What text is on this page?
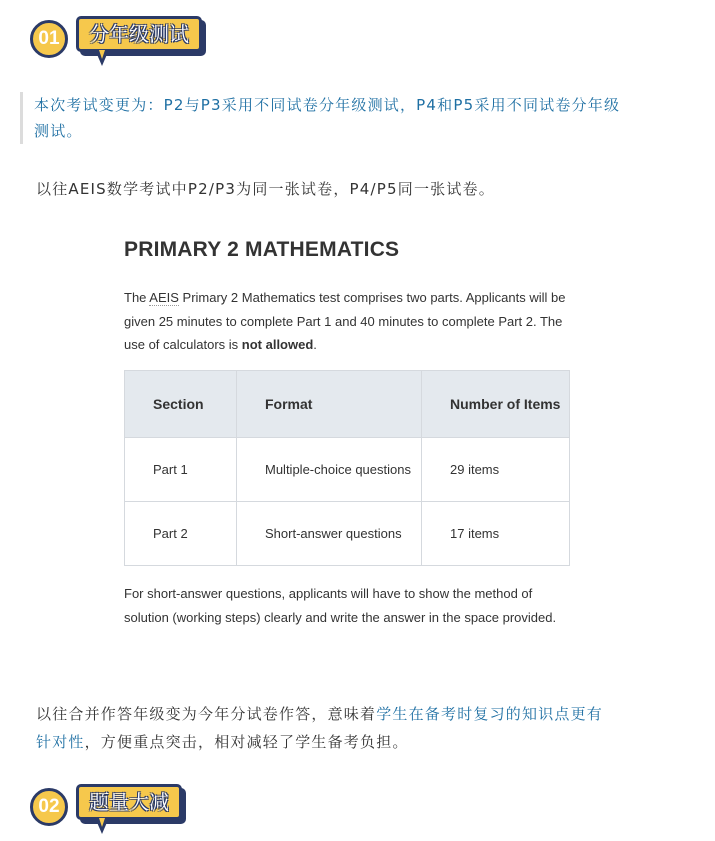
01	分年级测试
本次考试变更为：P2与P3采用不同试卷分年级测试，P4和P5采用不同试卷分年级
测试。
以往AEIS数学考试中P2/P3为同一张试卷，P4/P5同一张试卷。
PRIMARY 2 MATHEMATICS
The AEIS Primary 2 Mathematics test comprises two parts. Applicants will be given 25 minutes to complete Part 1 and 40 minutes to complete Part 2. The use of calculators is not allowed.
Section	Format	Number of Items
Part 1	Multiple-choice questions	29 items
Part 2	Short-answer questions	17 items
For short-answer questions, applicants will have to show the method of solution (working steps) clearly and write the answer in the space provided.
以往合并作答年级变为今年分试卷作答，意味着学生在备考时复习的知识点更有
针对性，方便重点突击，相对减轻了学生备考负担。
02	题量大减
